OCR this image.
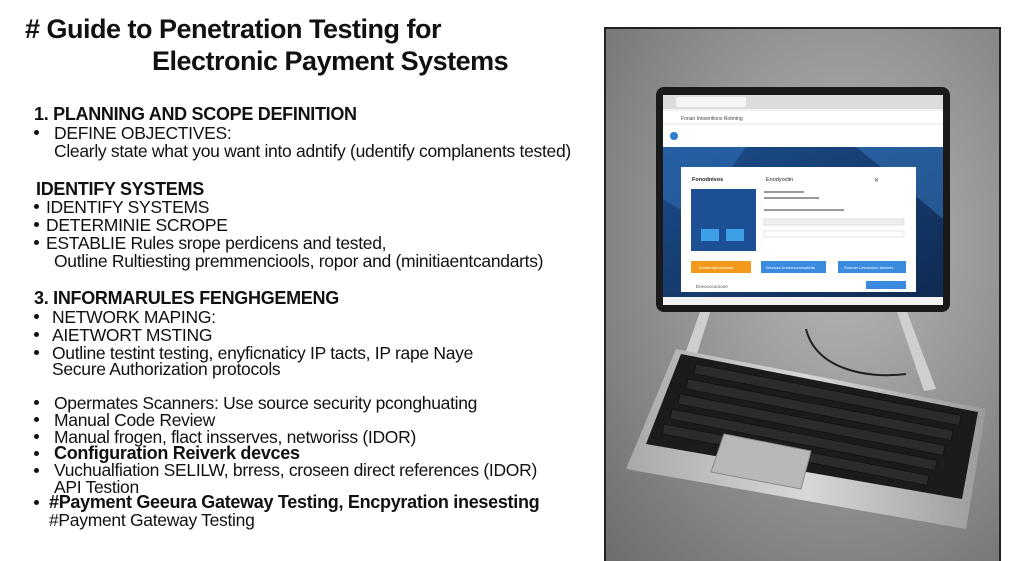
# Guide to Penetration Testing for
Electronic Payment Systems
1. PLANNING AND SCOPE DEFINITION
DEFINE OBJECTIVES:
Clearly state what you want into adntify (udentify complanents tested)
IDENTIFY SYSTEMS
IDENTIFY SYSTEMS
DETERMINIE SCROPE
ESTABLIE Rules srope perdicens and tested,
Outline Rultiesting premmenciools, ropor and (minitiaentcandarts)
3. INFORMARULES FENGHGEMENG
NETWORK MAPING:
AIETWORT MSTING
Outline testint testing, enyficnaticy IP tacts, IP rape Naye
Secure Authorization protocols
Opermates Scanners: Use source security pconghuating
Manual Code Review
Manual frogen, flact insserves, networiss (IDOR)
Configuration Reiverk devces
Vuchualfiation SELILW, brress, croseen direct references (IDOR)
API Testion
#Payment Geeura Gateway Testing, Encpyration inesesting
#Payment Gateway Testing
Fonan Innoentions Rotmtng
Fonodnivos	Enodyoctin	✕
Eunsemgcrocoocat	Wsonsa Unnenvcronsoteds	Somner Lesnnsiorc tavsnes
Eneonocourone
